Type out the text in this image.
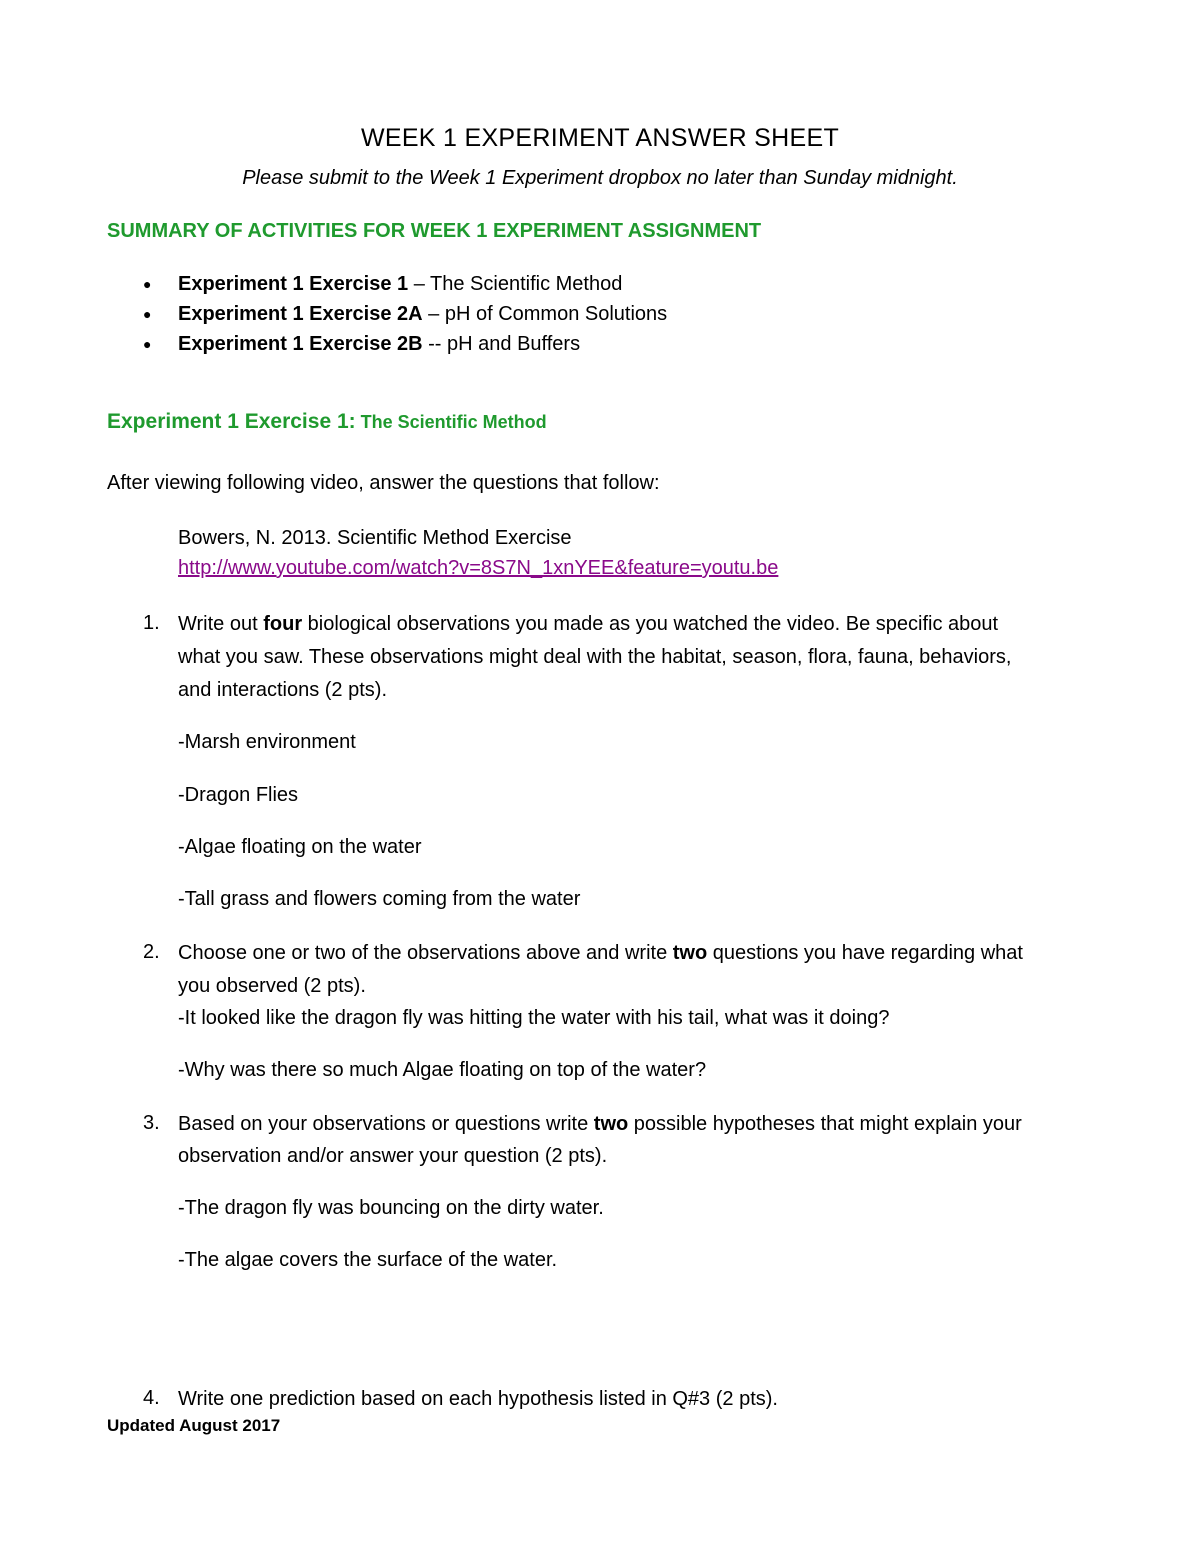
WEEK 1 EXPERIMENT ANSWER SHEET
Please submit to the Week 1 Experiment dropbox no later than Sunday midnight.
SUMMARY OF ACTIVITIES FOR WEEK 1 EXPERIMENT ASSIGNMENT
● Experiment 1 Exercise 1 – The Scientific Method
● Experiment 1 Exercise 2A – pH of Common Solutions
● Experiment 1 Exercise 2B -- pH and Buffers
Experiment 1 Exercise 1: The Scientific Method
After viewing following video, answer the questions that follow:
Bowers, N. 2013. Scientific Method Exercise
http://www.youtube.com/watch?v=8S7N_1xnYEE&feature=youtu.be
1. Write out four biological observations you made as you watched the video. Be specific about
what you saw. These observations might deal with the habitat, season, flora, fauna, behaviors,
and interactions (2 pts).
-Marsh environment
-Dragon Flies
-Algae floating on the water
-Tall grass and flowers coming from the water
2. Choose one or two of the observations above and write two questions you have regarding what
you observed (2 pts).
-It looked like the dragon fly was hitting the water with his tail, what was it doing?
-Why was there so much Algae floating on top of the water?
3. Based on your observations or questions write two possible hypotheses that might explain your
observation and/or answer your question (2 pts).
-The dragon fly was bouncing on the dirty water.
-The algae covers the surface of the water.
4. Write one prediction based on each hypothesis listed in Q#3 (2 pts).
Updated August 2017
